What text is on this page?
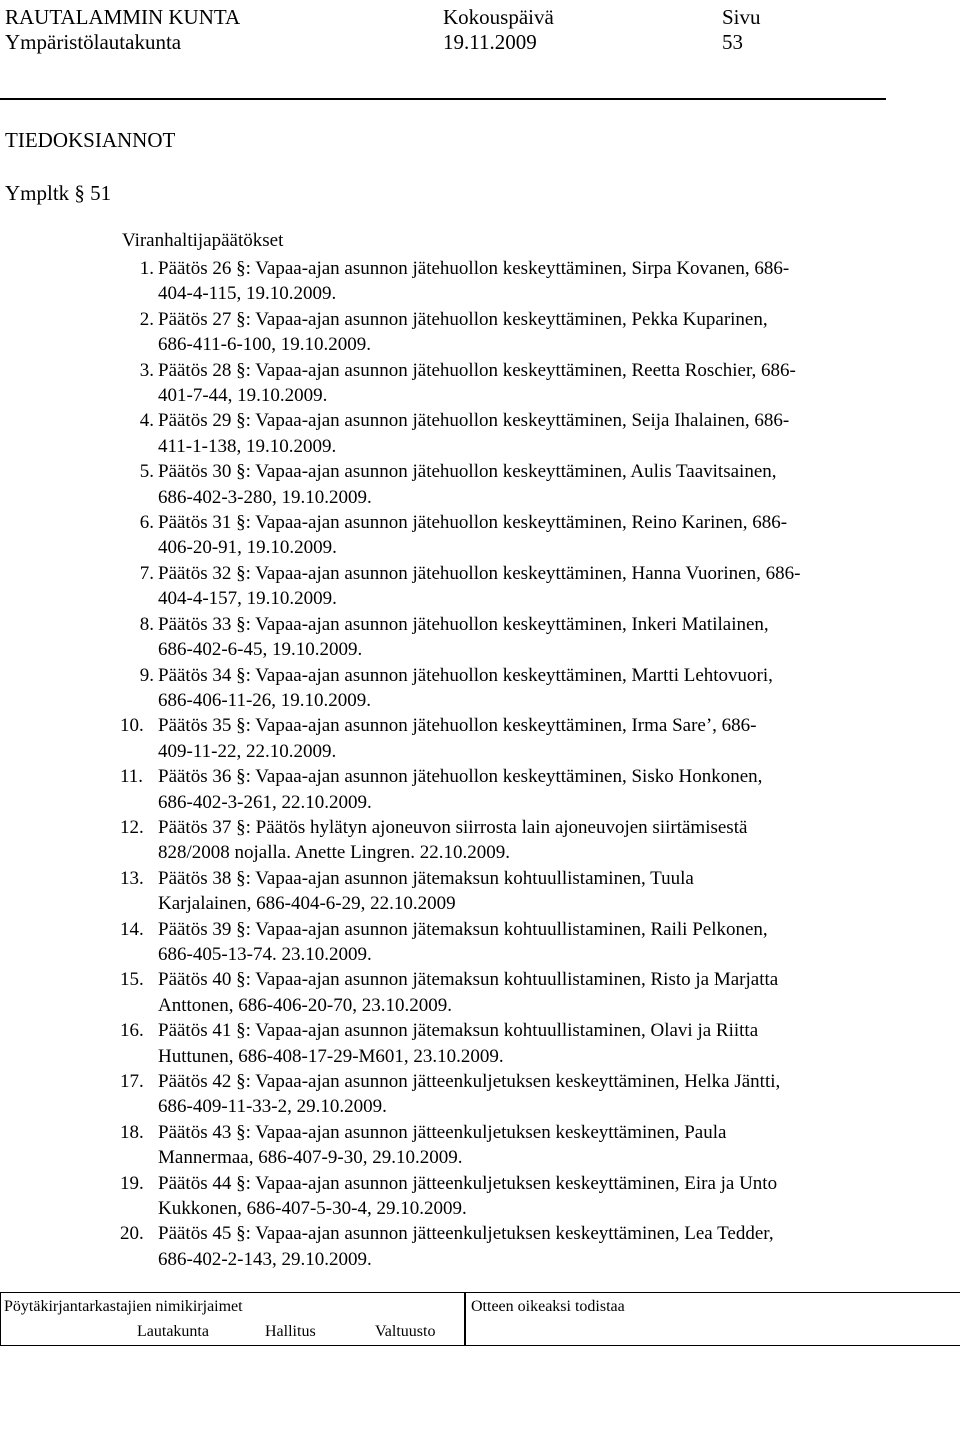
RAUTALAMMIN KUNTA
Ympäristölautakunta
Kokouspäivä
19.11.2009
Sivu
53
TIEDOKSIANNOT
Ympltk § 51
Viranhaltijapäätökset
1. Päätös 26 §: Vapaa-ajan asunnon jätehuollon keskeyttäminen, Sirpa Kovanen, 686-
404-4-115, 19.10.2009.
2. Päätös 27 §: Vapaa-ajan asunnon jätehuollon keskeyttäminen, Pekka Kuparinen,
686-411-6-100, 19.10.2009.
3. Päätös 28 §: Vapaa-ajan asunnon jätehuollon keskeyttäminen, Reetta Roschier, 686-
401-7-44, 19.10.2009.
4. Päätös 29 §: Vapaa-ajan asunnon jätehuollon keskeyttäminen, Seija Ihalainen, 686-
411-1-138, 19.10.2009.
5. Päätös 30 §: Vapaa-ajan asunnon jätehuollon keskeyttäminen, Aulis Taavitsainen,
686-402-3-280, 19.10.2009.
6. Päätös 31 §: Vapaa-ajan asunnon jätehuollon keskeyttäminen, Reino Karinen, 686-
406-20-91, 19.10.2009.
7. Päätös 32 §: Vapaa-ajan asunnon jätehuollon keskeyttäminen, Hanna Vuorinen, 686-
404-4-157, 19.10.2009.
8. Päätös 33 §: Vapaa-ajan asunnon jätehuollon keskeyttäminen, Inkeri Matilainen,
686-402-6-45, 19.10.2009.
9. Päätös 34 §: Vapaa-ajan asunnon jätehuollon keskeyttäminen, Martti Lehtovuori,
686-406-11-26, 19.10.2009.
10. Päätös 35 §: Vapaa-ajan asunnon jätehuollon keskeyttäminen, Irma Sare’, 686-
409-11-22, 22.10.2009.
11. Päätös 36 §: Vapaa-ajan asunnon jätehuollon keskeyttäminen, Sisko Honkonen,
686-402-3-261, 22.10.2009.
12. Päätös 37 §: Päätös hylätyn ajoneuvon siirrosta lain ajoneuvojen siirtämisestä
828/2008 nojalla. Anette Lingren. 22.10.2009.
13. Päätös 38 §: Vapaa-ajan asunnon jätemaksun kohtuullistaminen, Tuula
Karjalainen, 686-404-6-29, 22.10.2009
14. Päätös 39 §: Vapaa-ajan asunnon jätemaksun kohtuullistaminen, Raili Pelkonen,
686-405-13-74. 23.10.2009.
15. Päätös 40 §: Vapaa-ajan asunnon jätemaksun kohtuullistaminen, Risto ja Marjatta
Anttonen, 686-406-20-70, 23.10.2009.
16. Päätös 41 §: Vapaa-ajan asunnon jätemaksun kohtuullistaminen, Olavi ja Riitta
Huttunen, 686-408-17-29-M601, 23.10.2009.
17. Päätös 42 §: Vapaa-ajan asunnon jätteenkuljetuksen keskeyttäminen, Helka Jäntti,
686-409-11-33-2, 29.10.2009.
18. Päätös 43 §: Vapaa-ajan asunnon jätteenkuljetuksen keskeyttäminen, Paula
Mannermaa, 686-407-9-30, 29.10.2009.
19. Päätös 44 §: Vapaa-ajan asunnon jätteenkuljetuksen keskeyttäminen, Eira ja Unto
Kukkonen, 686-407-5-30-4, 29.10.2009.
20. Päätös 45 §: Vapaa-ajan asunnon jätteenkuljetuksen keskeyttäminen, Lea Tedder,
686-402-2-143, 29.10.2009.
Pöytäkirjantarkastajien nimikirjaimet
Lautakunta	Hallitus	Valtuusto
Otteen oikeaksi todistaa
